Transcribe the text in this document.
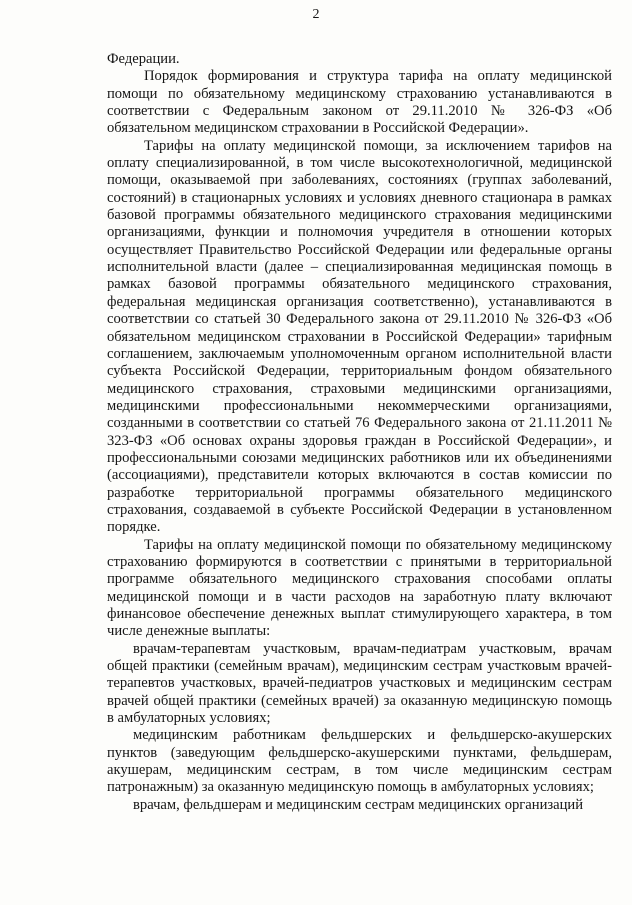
2

Федерации.

Порядок формирования и структура тарифа на оплату медицинской помощи по обязательному медицинскому страхованию устанавливаются в соответствии с Федеральным законом от 29.11.2010 № 326-ФЗ «Об обязательном медицинском страховании в Российской Федерации».

Тарифы на оплату медицинской помощи, за исключением тарифов на оплату специализированной, в том числе высокотехнологичной, медицинской помощи, оказываемой при заболеваниях, состояниях (группах заболеваний, состояний) в стационарных условиях и условиях дневного стационара в рамках базовой программы обязательного медицинского страхования медицинскими организациями, функции и полномочия учредителя в отношении которых осуществляет Правительство Российской Федерации или федеральные органы исполнительной власти (далее – специализированная медицинская помощь в рамках базовой программы обязательного медицинского страхования, федеральная медицинская организация соответственно), устанавливаются в соответствии со статьей 30 Федерального закона от 29.11.2010 № 326-ФЗ «Об обязательном медицинском страховании в Российской Федерации» тарифным соглашением, заключаемым уполномоченным органом исполнительной власти субъекта Российской Федерации, территориальным фондом обязательного медицинского страхования, страховыми медицинскими организациями, медицинскими профессиональными некоммерческими организациями, созданными в соответствии со статьей 76 Федерального закона от 21.11.2011 № 323-ФЗ «Об основах охраны здоровья граждан в Российской Федерации», и профессиональными союзами медицинских работников или их объединениями (ассоциациями), представители которых включаются в состав комиссии по разработке территориальной программы обязательного медицинского страхования, создаваемой в субъекте Российской Федерации в установленном порядке.

Тарифы на оплату медицинской помощи по обязательному медицинскому страхованию формируются в соответствии с принятыми в территориальной программе обязательного медицинского страхования способами оплаты медицинской помощи и в части расходов на заработную плату включают финансовое обеспечение денежных выплат стимулирующего характера, в том числе денежные выплаты:

врачам-терапевтам участковым, врачам-педиатрам участковым, врачам общей практики (семейным врачам), медицинским сестрам участковым врачей-терапевтов участковых, врачей-педиатров участковых и медицинским сестрам врачей общей практики (семейных врачей) за оказанную медицинскую помощь в амбулаторных условиях;

медицинским работникам фельдшерских и фельдшерско-акушерских пунктов (заведующим фельдшерско-акушерскими пунктами, фельдшерам, акушерам, медицинским сестрам, в том числе медицинским сестрам патронажным) за оказанную медицинскую помощь в амбулаторных условиях;

врачам, фельдшерам и медицинским сестрам медицинских организаций
